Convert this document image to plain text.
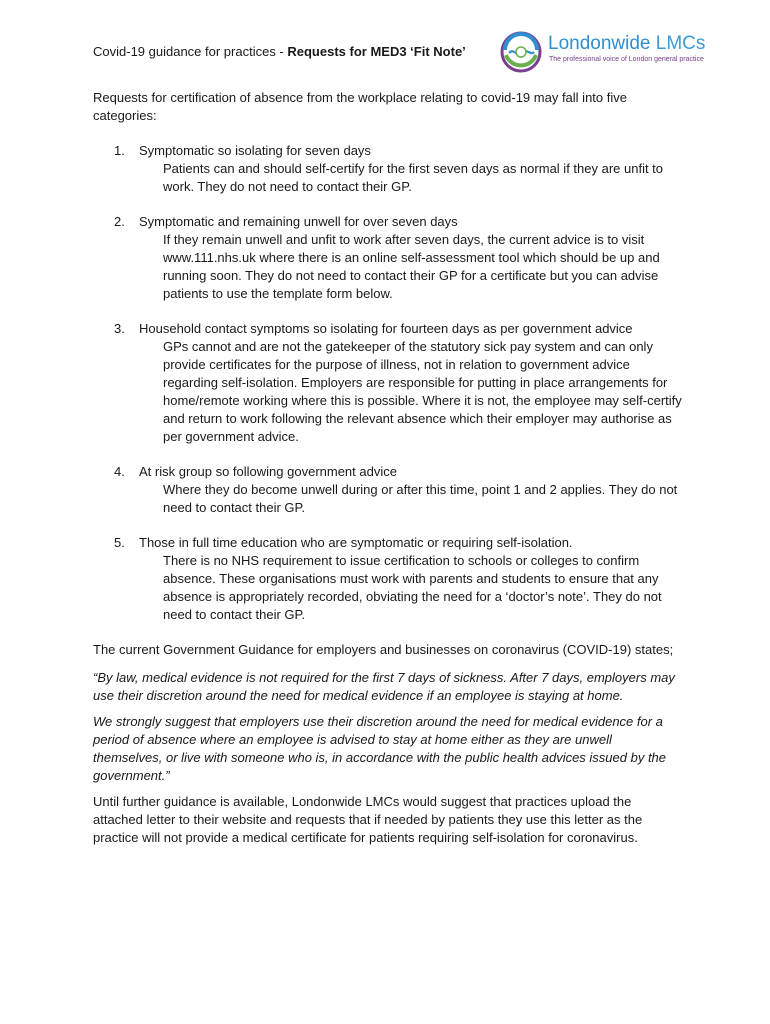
Covid-19 guidance for practices - Requests for MED3 ‘Fit Note’	Londonwide LMCs
The professional voice of London general practice

Requests for certification of absence from the workplace relating to covid-19 may fall into five categories:

1. Symptomatic so isolating for seven days
Patients can and should self-certify for the first seven days as normal if they are unfit to work. They do not need to contact their GP.
2. Symptomatic and remaining unwell for over seven days
If they remain unwell and unfit to work after seven days, the current advice is to visit www.111.nhs.uk where there is an online self-assessment tool which should be up and running soon. They do not need to contact their GP for a certificate but you can advise patients to use the template form below.
3. Household contact symptoms so isolating for fourteen days as per government advice
GPs cannot and are not the gatekeeper of the statutory sick pay system and can only provide certificates for the purpose of illness, not in relation to government advice regarding self-isolation. Employers are responsible for putting in place arrangements for home/remote working where this is possible. Where it is not, the employee may self-certify and return to work following the relevant absence which their employer may authorise as per government advice.
4. At risk group so following government advice
Where they do become unwell during or after this time, point 1 and 2 applies. They do not need to contact their GP.
5. Those in full time education who are symptomatic or requiring self-isolation.
There is no NHS requirement to issue certification to schools or colleges to confirm absence. These organisations must work with parents and students to ensure that any absence is appropriately recorded, obviating the need for a ‘doctor’s note’. They do not need to contact their GP.

The current Government Guidance for employers and businesses on coronavirus (COVID-19) states;

“By law, medical evidence is not required for the first 7 days of sickness. After 7 days, employers may use their discretion around the need for medical evidence if an employee is staying at home.

We strongly suggest that employers use their discretion around the need for medical evidence for a period of absence where an employee is advised to stay at home either as they are unwell themselves, or live with someone who is, in accordance with the public health advices issued by the government.”

Until further guidance is available, Londonwide LMCs would suggest that practices upload the attached letter to their website and requests that if needed by patients they use this letter as the practice will not provide a medical certificate for patients requiring self-isolation for coronavirus.
